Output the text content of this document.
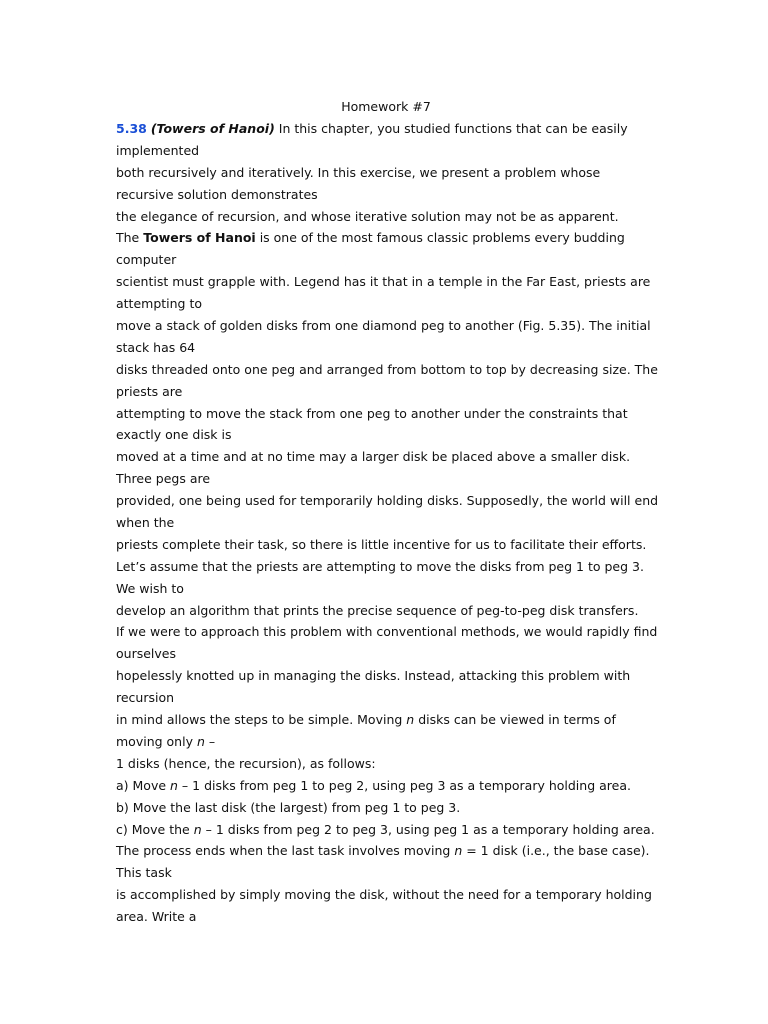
Homework #7
5.38 (Towers of Hanoi) In this chapter, you studied functions that can be easily
implemented
both recursively and iteratively. In this exercise, we present a problem whose
recursive solution demonstrates
the elegance of recursion, and whose iterative solution may not be as apparent.
The Towers of Hanoi is one of the most famous classic problems every budding
computer
scientist must grapple with. Legend has it that in a temple in the Far East, priests are
attempting to
move a stack of golden disks from one diamond peg to another (Fig. 5.35). The initial
stack has 64
disks threaded onto one peg and arranged from bottom to top by decreasing size. The
priests are
attempting to move the stack from one peg to another under the constraints that
exactly one disk is
moved at a time and at no time may a larger disk be placed above a smaller disk.
Three pegs are
provided, one being used for temporarily holding disks. Supposedly, the world will end
when the
priests complete their task, so there is little incentive for us to facilitate their efforts.
Let’s assume that the priests are attempting to move the disks from peg 1 to peg 3.
We wish to
develop an algorithm that prints the precise sequence of peg-to-peg disk transfers.
If we were to approach this problem with conventional methods, we would rapidly find
ourselves
hopelessly knotted up in managing the disks. Instead, attacking this problem with
recursion
in mind allows the steps to be simple. Moving n disks can be viewed in terms of
moving only n –
1 disks (hence, the recursion), as follows:
a) Move n – 1 disks from peg 1 to peg 2, using peg 3 as a temporary holding area.
b) Move the last disk (the largest) from peg 1 to peg 3.
c) Move the n – 1 disks from peg 2 to peg 3, using peg 1 as a temporary holding area.
The process ends when the last task involves moving n = 1 disk (i.e., the base case).
This task
is accomplished by simply moving the disk, without the need for a temporary holding
area. Write a
